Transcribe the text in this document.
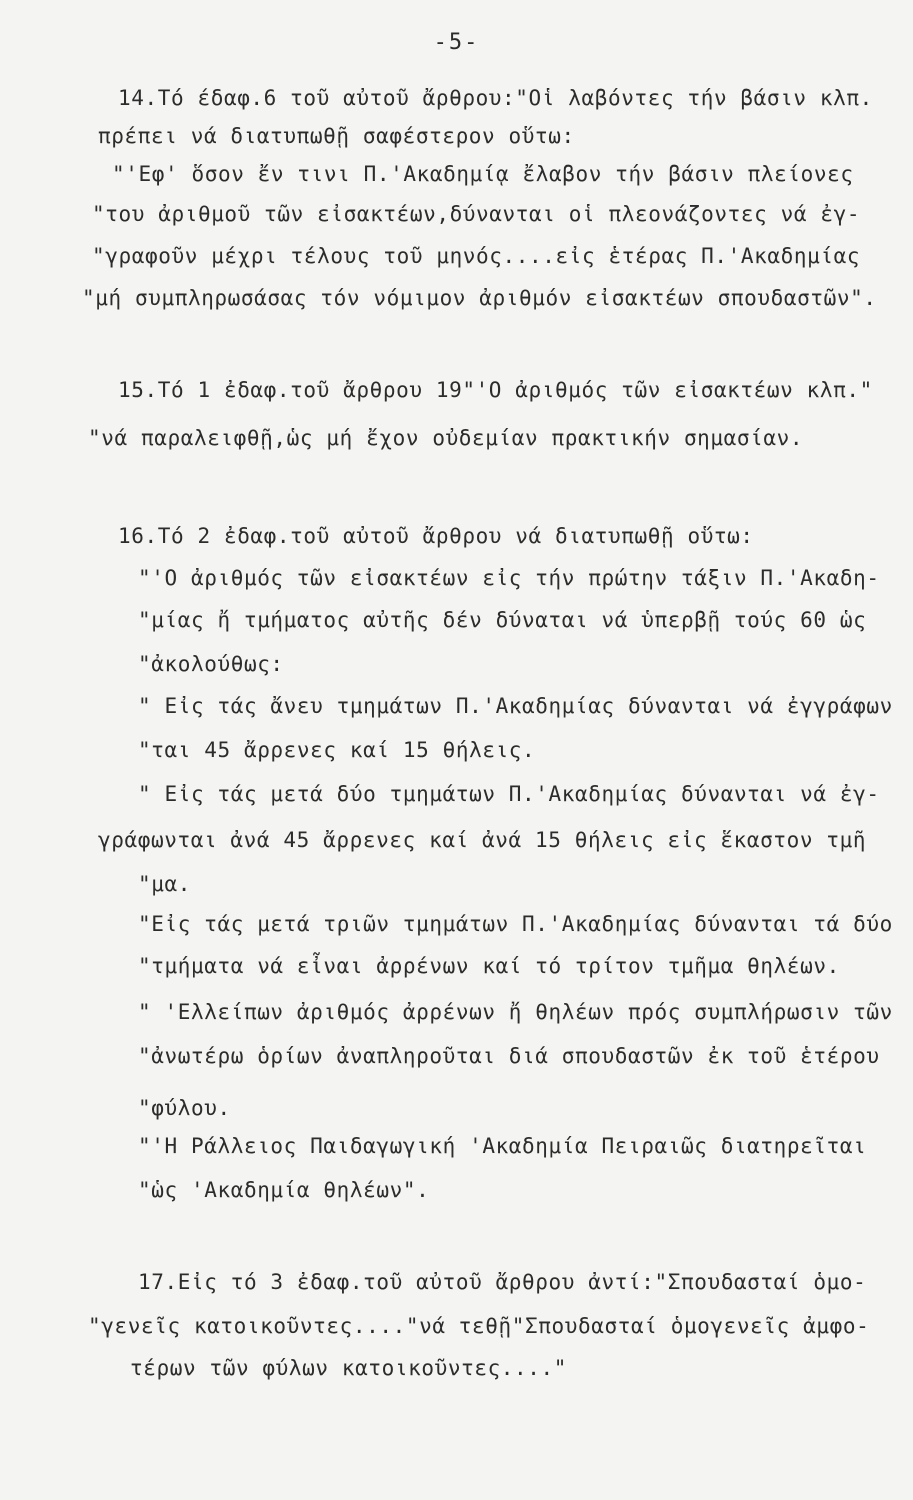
-5-
14.Τό έδαφ.6 τοῦ αὐτοῦ ἄρθρου:"Οἱ λαβόντες τήν βάσιν κλπ.
πρέπει νά διατυπωθῇ σαφέστερον οὕτω:
"'Εφ' ὅσον ἔν τινι Π.'Ακαδημίᾳ ἔλαβον τήν βάσιν πλείονες
"του ἀριθμοῦ τῶν εἰσακτέων,δύνανται οἱ πλεονάζοντες νά ἐγ-
"γραφοῦν μέχρι τέλους τοῦ μηνός....εἰς ἑτέρας Π.'Ακαδημίας
"μή συμπληρωσάσας τόν νόμιμον ἀριθμόν εἰσακτέων σπουδαστῶν".
15.Τό 1 ἐδαφ.τοῦ ἄρθρου 19"'Ο ἀριθμός τῶν εἰσακτέων κλπ."
"νά παραλειφθῇ,ὡς μή ἔχον οὐδεμίαν πρακτικήν σημασίαν.
16.Τό 2 ἐδαφ.τοῦ αὐτοῦ ἄρθρου νά διατυπωθῇ οὕτω:
"'Ο ἀριθμός τῶν εἰσακτέων εἰς τήν πρώτην τάξιν Π.'Ακαδη-
"μίας ἤ τμήματος αὐτῆς δέν δύναται νά ὑπερβῇ τούς 60 ὡς
"ἀκολούθως:
" Εἰς τάς ἄνευ τμημάτων Π.'Ακαδημίας δύνανται νά ἐγγράφων
"ται 45 ἄρρενες καί 15 θήλεις.
" Εἰς τάς μετά δύο τμημάτων Π.'Ακαδημίας δύνανται νά ἐγ-
γράφωνται ἀνά 45 ἄρρενες καί ἀνά 15 θήλεις εἰς ἕκαστον τμῆ
"μα.
"Εἰς τάς μετά τριῶν τμημάτων Π.'Ακαδημίας δύνανται τά δύο
"τμήματα νά εἶναι ἀρρένων καί τό τρίτον τμῆμα θηλέων.
" 'Ελλείπων ἀριθμός ἀρρένων ἤ θηλέων πρός συμπλήρωσιν τῶν
"ἀνωτέρω ὁρίων ἀναπληροῦται διά σπουδαστῶν ἐκ τοῦ ἑτέρου
"φύλου.
"'Η Ράλλειος Παιδαγωγική 'Ακαδημία Πειραιῶς διατηρεῖται
"ὡς 'Ακαδημία θηλέων".
17.Εἰς τό 3 ἐδαφ.τοῦ αὐτοῦ ἄρθρου ἀντί:"Σπουδασταί ὁμο-
"γενεῖς κατοικοῦντες...."νά τεθῇ"Σπουδασταί ὁμογενεῖς ἀμφο-
τέρων τῶν φύλων κατοικοῦντες...."
